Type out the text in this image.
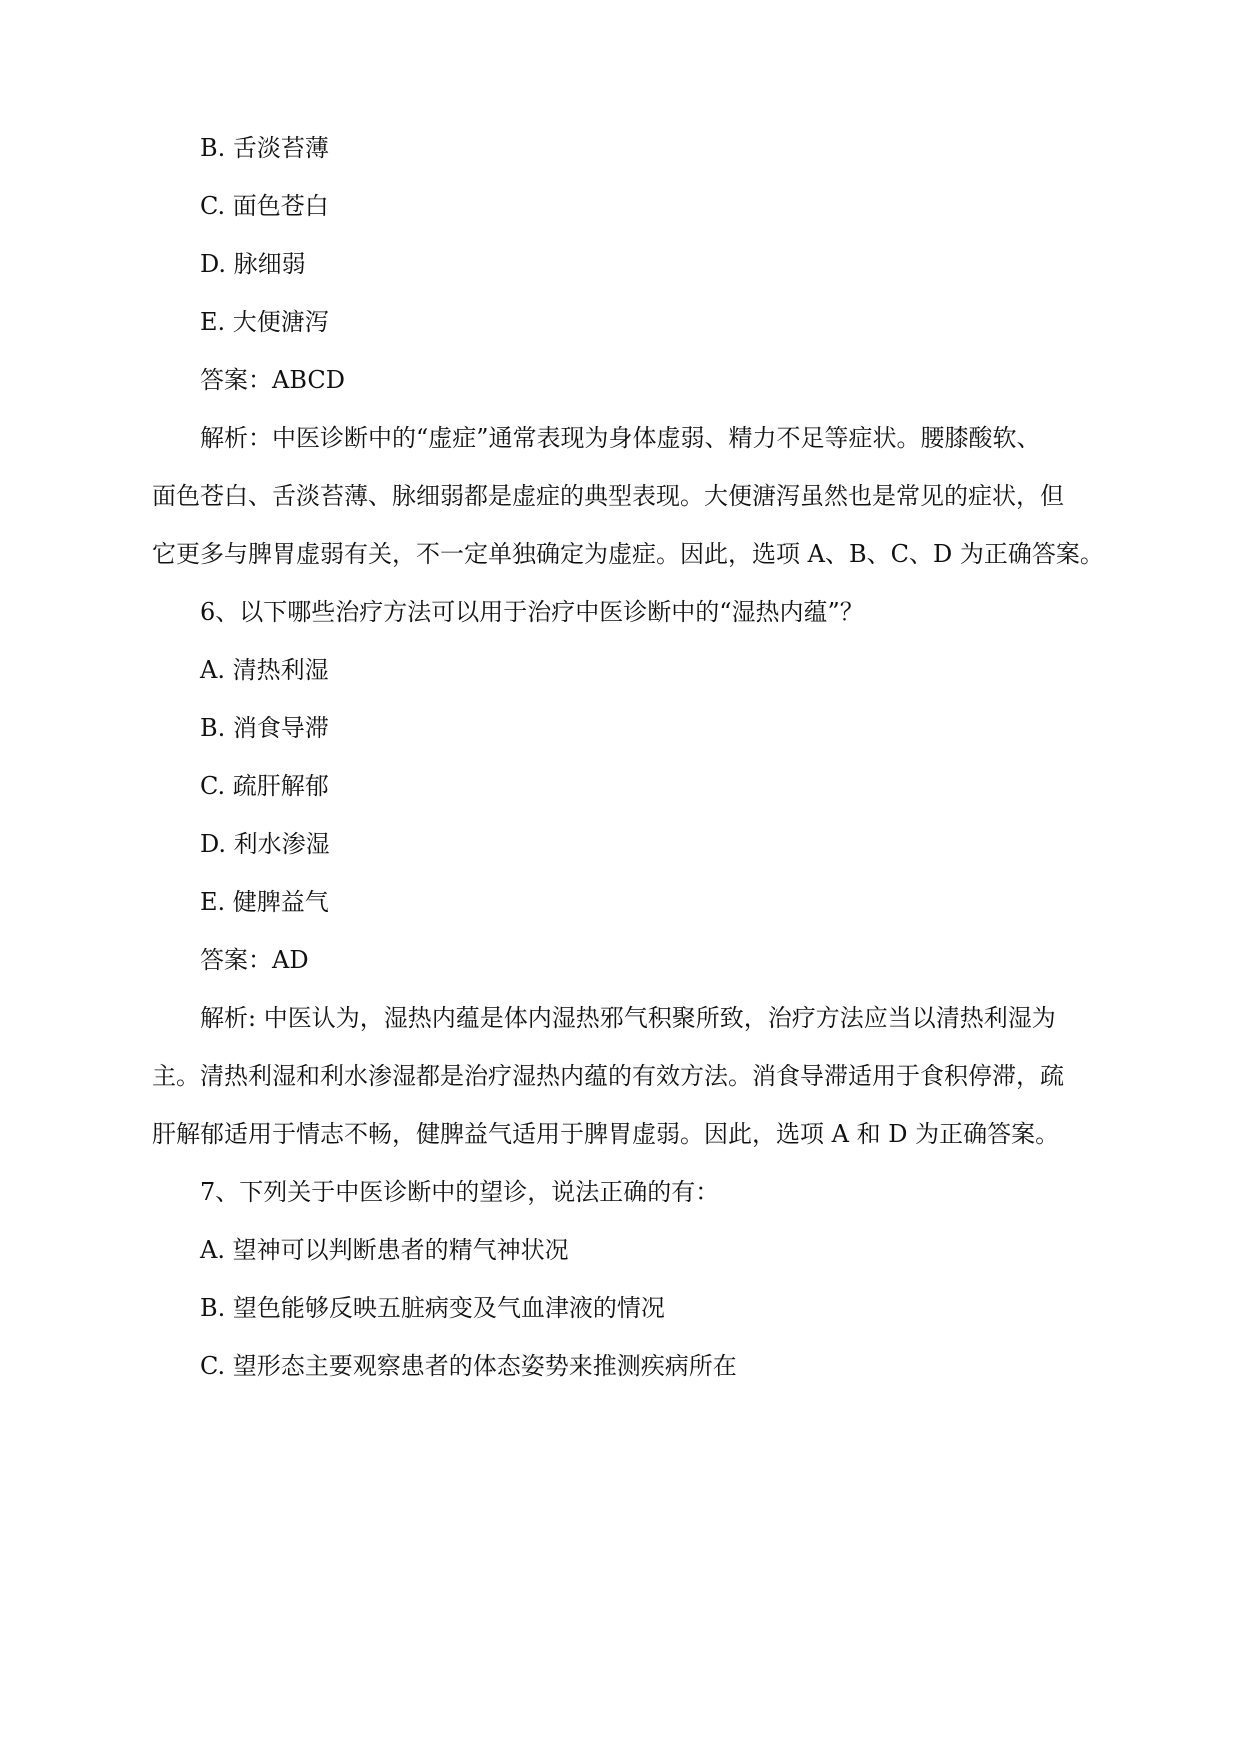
B. 舌淡苔薄
C. 面色苍白
D. 脉细弱
E. 大便溏泻
答案：ABCD
解析：中医诊断中的“虚症”通常表现为身体虚弱、精力不足等症状。腰膝酸软、
面色苍白、舌淡苔薄、脉细弱都是虚症的典型表现。大便溏泻虽然也是常见的症状，但
它更多与脾胃虚弱有关，不一定单独确定为虚症。因此，选项 A、B、C、D 为正确答案。
6、以下哪些治疗方法可以用于治疗中医诊断中的“湿热内蕴”？
A. 清热利湿
B. 消食导滞
C. 疏肝解郁
D. 利水渗湿
E. 健脾益气
答案：AD
解析: 中医认为，湿热内蕴是体内湿热邪气积聚所致，治疗方法应当以清热利湿为
主。清热利湿和利水渗湿都是治疗湿热内蕴的有效方法。消食导滞适用于食积停滞，疏
肝解郁适用于情志不畅，健脾益气适用于脾胃虚弱。因此，选项 A 和 D 为正确答案。
7、下列关于中医诊断中的望诊，说法正确的有：
A. 望神可以判断患者的精气神状况
B. 望色能够反映五脏病变及气血津液的情况
C. 望形态主要观察患者的体态姿势来推测疾病所在
